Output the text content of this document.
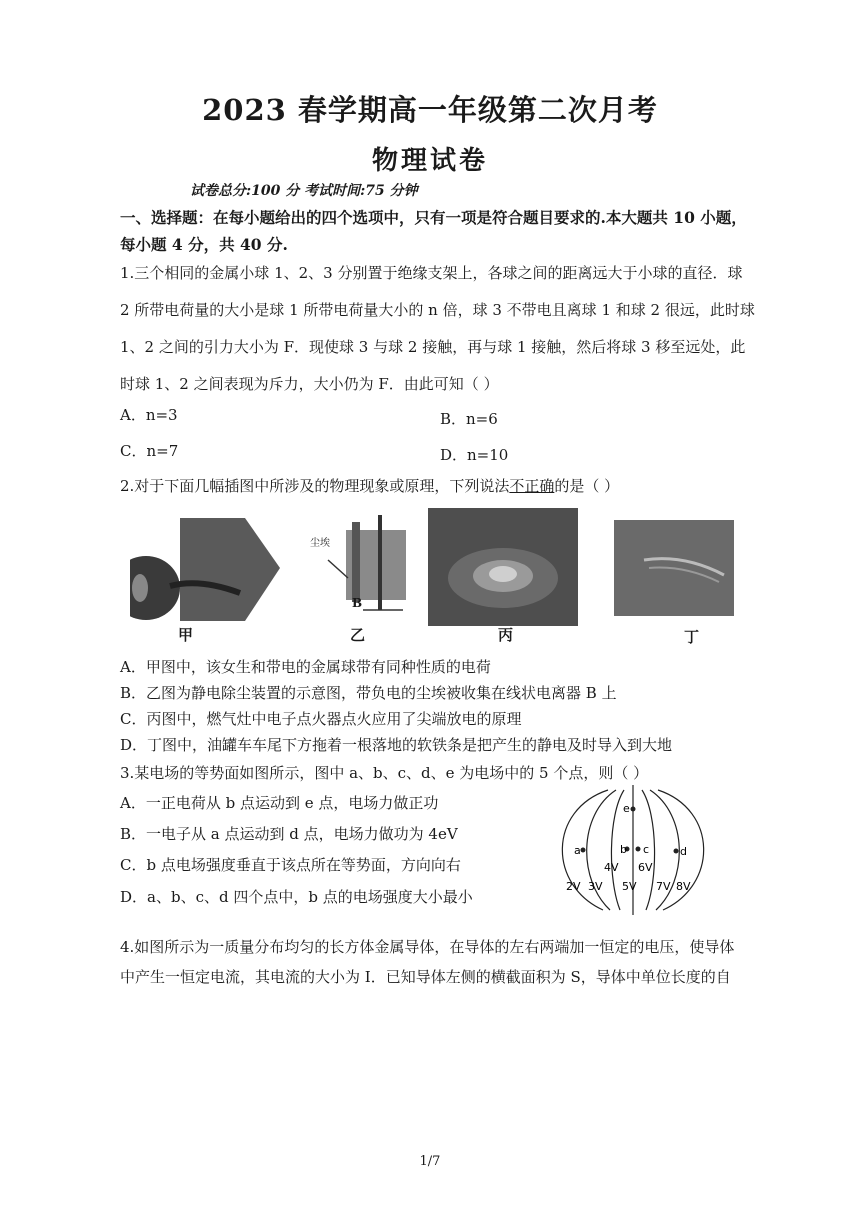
2023 春学期高一年级第二次月考
物理试卷
试卷总分:100 分 考试时间:75 分钟
一、选择题：在每小题给出的四个选项中，只有一项是符合题目要求的.本大题共 10 小题，
每小题 4 分，共 40 分.
1.三个相同的金属小球 1、2、3 分别置于绝缘支架上，各球之间的距离远大于小球的直径．球
2 所带电荷量的大小是球 1 所带电荷量大小的 n 倍，球 3 不带电且离球 1 和球 2 很远，此时球
1、2 之间的引力大小为 F．现使球 3 与球 2 接触，再与球 1 接触，然后将球 3 移至远处，此
时球 1、2 之间表现为斥力，大小仍为 F．由此可知（ ）
A．n=3	B．n=6
C．n=7	D．n=10
2.对于下面几幅插图中所涉及的物理现象或原理，下列说法不正确的是（ ）
尘埃
B
甲	乙	丙	丁
A．甲图中，该女生和带电的金属球带有同种性质的电荷
B．乙图为静电除尘装置的示意图，带负电的尘埃被收集在线状电离器 B 上
C．丙图中，燃气灶中电子点火器点火应用了尖端放电的原理
D．丁图中，油罐车车尾下方拖着一根落地的软铁条是把产生的静电及时导入到大地
3.某电场的等势面如图所示，图中 a、b、c、d、e 为电场中的 5 个点，则（ ）
A．一正电荷从 b 点运动到 e 点，电场力做正功
B．一电子从 a 点运动到 d 点，电场力做功为 4eV
C．b 点电场强度垂直于该点所在等势面，方向向右
D．a、b、c、d 四个点中，b 点的电场强度大小最小
a	b c	d
e
2V 3V
4V
5V
6V
7V 8V
4.如图所示为一质量分布均匀的长方体金属导体，在导体的左右两端加一恒定的电压，使导体
中产生一恒定电流，其电流的大小为 I．已知导体左侧的横截面积为 S，导体中单位长度的自
1/7
